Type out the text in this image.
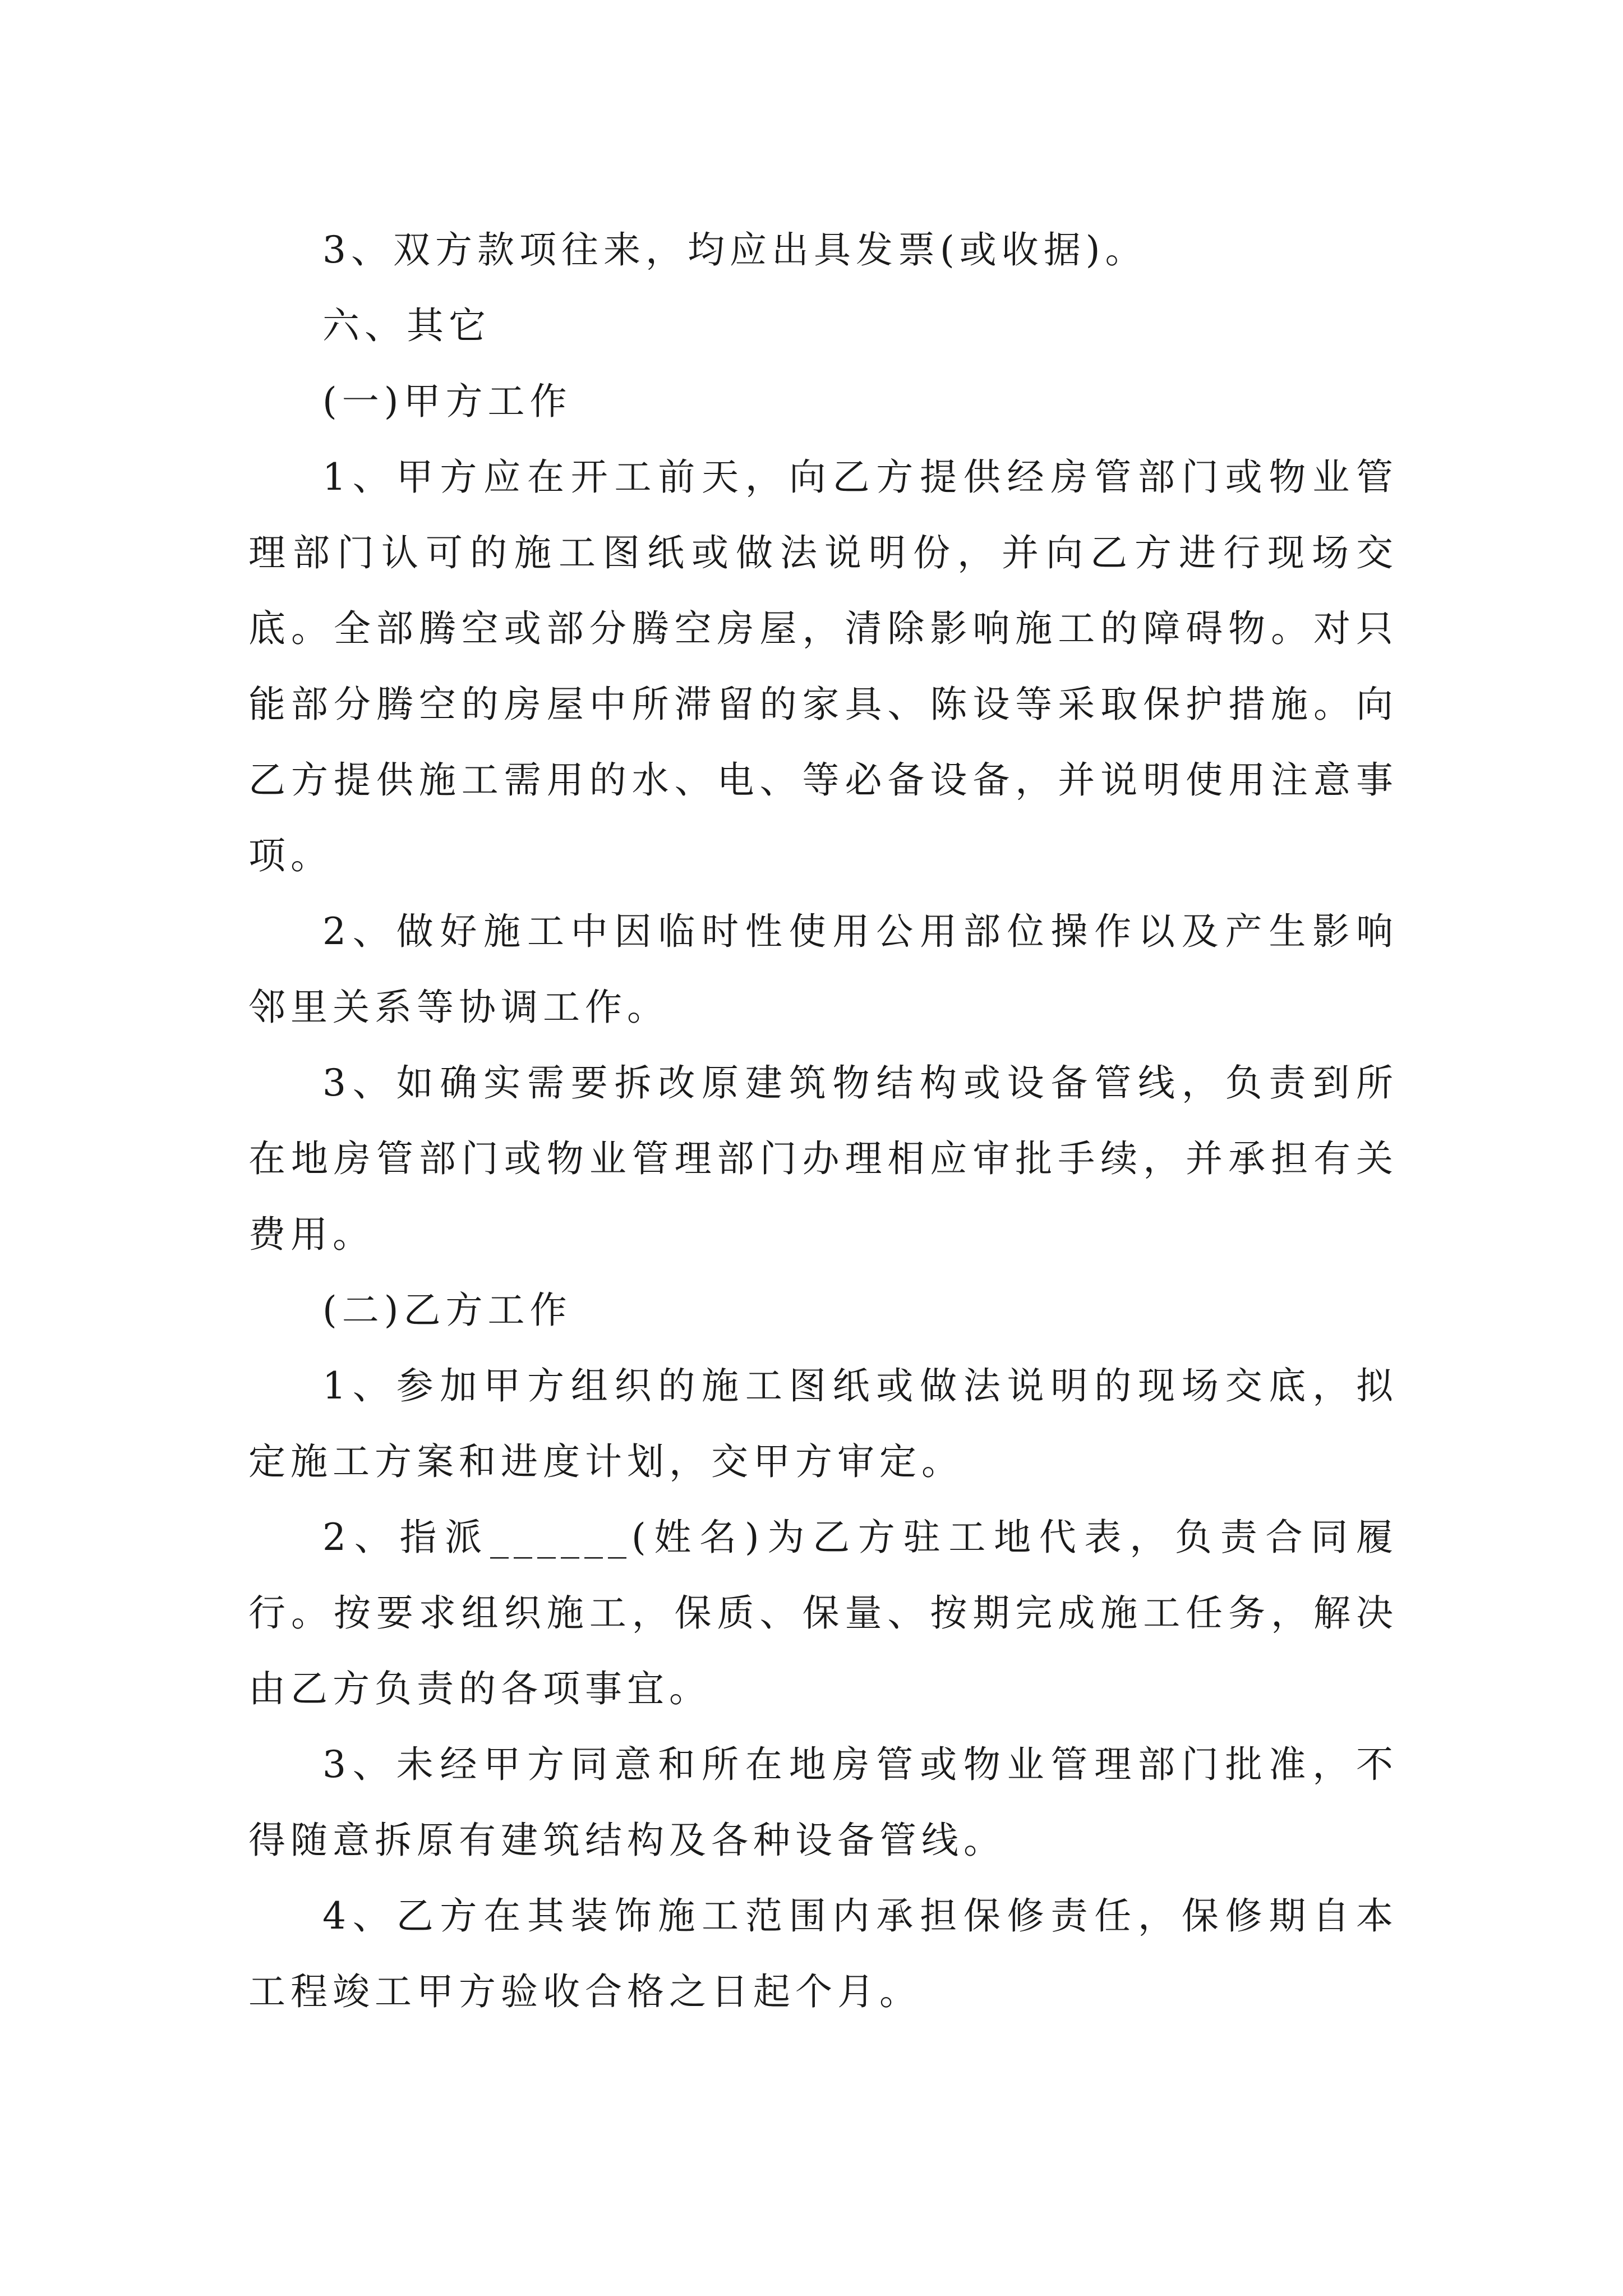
3、双方款项往来，均应出具发票(或收据)。

六、其它

(一)甲方工作

1、甲方应在开工前天，向乙方提供经房管部门或物业管理部门认可的施工图纸或做法说明份，并向乙方进行现场交底。全部腾空或部分腾空房屋，清除影响施工的障碍物。对只能部分腾空的房屋中所滞留的家具、陈设等采取保护措施。向乙方提供施工需用的水、电、等必备设备，并说明使用注意事项。

2、做好施工中因临时性使用公用部位操作以及产生影响邻里关系等协调工作。

3、如确实需要拆改原建筑物结构或设备管线，负责到所在地房管部门或物业管理部门办理相应审批手续，并承担有关费用。

(二)乙方工作

1、参加甲方组织的施工图纸或做法说明的现场交底，拟定施工方案和进度计划，交甲方审定。

2、指派______(姓名)为乙方驻工地代表，负责合同履行。按要求组织施工，保质、保量、按期完成施工任务，解决由乙方负责的各项事宜。

3、未经甲方同意和所在地房管或物业管理部门批准，不得随意拆原有建筑结构及各种设备管线。

4、乙方在其装饰施工范围内承担保修责任，保修期自本工程竣工甲方验收合格之日起个月。
